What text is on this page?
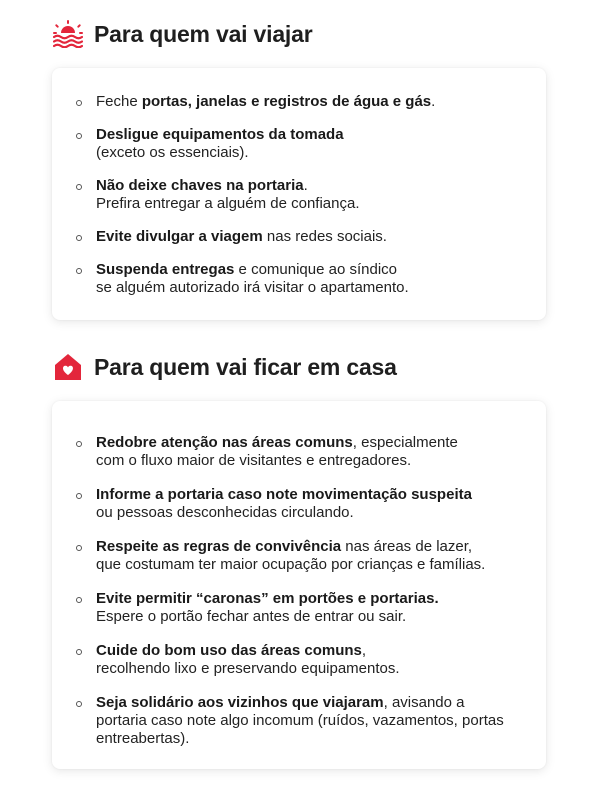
Para quem vai viajar
Feche portas, janelas e registros de água e gás.
Desligue equipamentos da tomada
(exceto os essenciais).
Não deixe chaves na portaria.
Prefira entregar a alguém de confiança.
Evite divulgar a viagem nas redes sociais.
Suspenda entregas e comunique ao síndico
se alguém autorizado irá visitar o apartamento.
Para quem vai ficar em casa
Redobre atenção nas áreas comuns, especialmente
com o fluxo maior de visitantes e entregadores.
Informe a portaria caso note movimentação suspeita
ou pessoas desconhecidas circulando.
Respeite as regras de convivência nas áreas de lazer,
que costumam ter maior ocupação por crianças e famílias.
Evite permitir “caronas” em portões e portarias.
Espere o portão fechar antes de entrar ou sair.
Cuide do bom uso das áreas comuns,
recolhendo lixo e preservando equipamentos.
Seja solidário aos vizinhos que viajaram, avisando a
portaria caso note algo incomum (ruídos, vazamentos, portas entreabertas).
